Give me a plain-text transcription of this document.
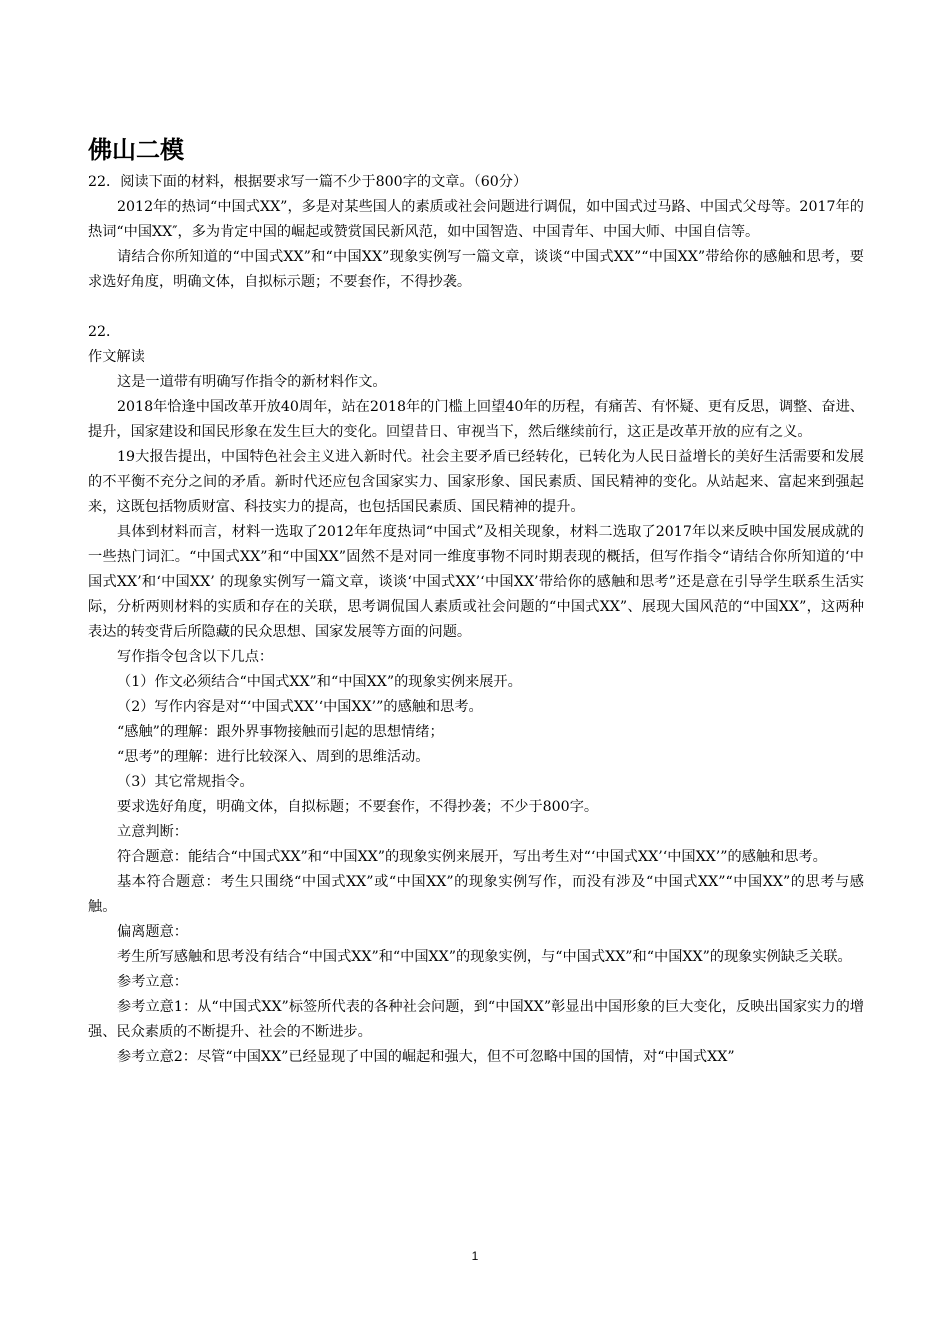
佛山二模

22．阅读下面的材料，根据要求写一篇不少于800字的文章。（60分）

2012年的热词“中国式XX”，多是对某些国人的素质或社会问题进行调侃，如中国式过马路、中国式父母等。2017年的热词“中国XX″，多为肯定中国的崛起或赞赏国民新风范，如中国智造、中国青年、中国大师、中国自信等。

请结合你所知道的“中国式XX”和“中国XX”现象实例写一篇文章，谈谈“中国式XX”“中国XX”带给你的感触和思考，要求选好角度，明确文体，自拟标示题；不要套作，不得抄袭。

22．

作文解读

这是一道带有明确写作指令的新材料作文。

2018年恰逢中国改革开放40周年，站在2018年的门槛上回望40年的历程，有痛苦、有怀疑、更有反思，调整、奋进、提升，国家建设和国民形象在发生巨大的变化。回望昔日、审视当下，然后继续前行，这正是改革开放的应有之义。

19大报告提出，中国特色社会主义进入新时代。社会主要矛盾已经转化，已转化为人民日益增长的美好生活需要和发展的不平衡不充分之间的矛盾。新时代还应包含国家实力、国家形象、国民素质、国民精神的变化。从站起来、富起来到强起来，这既包括物质财富、科技实力的提高，也包括国民素质、国民精神的提升。

具体到材料而言，材料一选取了2012年年度热词“中国式”及相关现象，材料二选取了2017年以来反映中国发展成就的一些热门词汇。“中国式XX”和“中国XX”固然不是对同一维度事物不同时期表现的概括，但写作指令“请结合你所知道的‘中国式XX’和‘中国XX’ 的现象实例写一篇文章，谈谈‘中国式XX’‘中国XX’带给你的感触和思考”还是意在引导学生联系生活实际，分析两则材料的实质和存在的关联，思考调侃国人素质或社会问题的“中国式XX”、展现大国风范的“中国XX”，这两种表达的转变背后所隐藏的民众思想、国家发展等方面的问题。

写作指令包含以下几点：

（1）作文必须结合“中国式XX”和“中国XX”的现象实例来展开。

（2）写作内容是对“‘中国式XX’‘中国XX’”的感触和思考。

“感触”的理解：跟外界事物接触而引起的思想情绪；

“思考”的理解：进行比较深入、周到的思维活动。

（3）其它常规指令。

要求选好角度，明确文体，自拟标题；不要套作，不得抄袭；不少于800字。

立意判断：

符合题意：能结合“中国式XX”和“中国XX”的现象实例来展开，写出考生对“‘中国式XX’‘中国XX’”的感触和思考。

基本符合题意：考生只围绕“中国式XX”或“中国XX”的现象实例写作，而没有涉及“中国式XX”“中国XX”的思考与感触。

偏离题意：

考生所写感触和思考没有结合“中国式XX”和“中国XX”的现象实例，与“中国式XX”和“中国XX”的现象实例缺乏关联。

参考立意：

参考立意1：从“中国式XX”标签所代表的各种社会问题，到“中国XX”彰显出中国形象的巨大变化，反映出国家实力的增强、民众素质的不断提升、社会的不断进步。

参考立意2：尽管“中国XX”已经显现了中国的崛起和强大，但不可忽略中国的国情，对“中国式XX”

1
